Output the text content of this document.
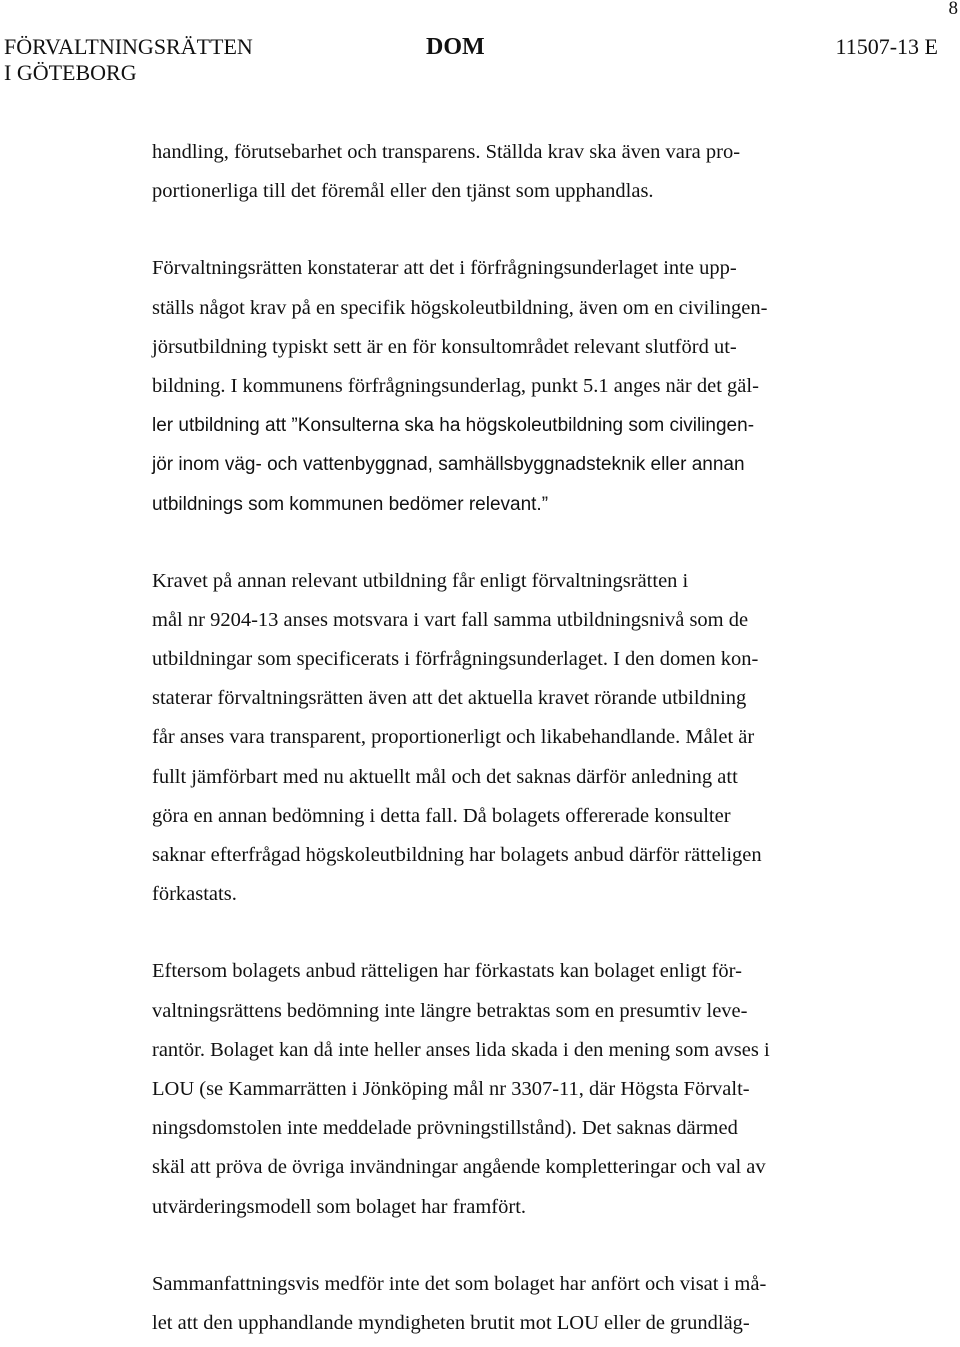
8
FÖRVALTNINGSRÄTTEN
I GÖTEBORG
DOM	11507-13 E

handling, förutsebarhet och transparens. Ställda krav ska även vara pro-
portionerliga till det föremål eller den tjänst som upphandlas.

Förvaltningsrätten konstaterar att det i förfrågningsunderlaget inte upp-
ställs något krav på en specifik högskoleutbildning, även om en civilingen-
jörsutbildning typiskt sett är en för konsultområdet relevant slutförd ut-
bildning. I kommunens förfrågningsunderlag, punkt 5.1 anges när det gäl-
ler utbildning att ”Konsulterna ska ha högskoleutbildning som civilingen-
jör inom väg- och vattenbyggnad, samhällsbyggnadsteknik eller annan
utbildnings som kommunen bedömer relevant.”

Kravet på annan relevant utbildning får enligt förvaltningsrätten i
mål nr 9204-13 anses motsvara i vart fall samma utbildningsnivå som de
utbildningar som specificerats i förfrågningsunderlaget. I den domen kon-
staterar förvaltningsrätten även att det aktuella kravet rörande utbildning
får anses vara transparent, proportionerligt och likabehandlande. Målet är
fullt jämförbart med nu aktuellt mål och det saknas därför anledning att
göra en annan bedömning i detta fall. Då bolagets offererade konsulter
saknar efterfrågad högskoleutbildning har bolagets anbud därför rätteligen
förkastats.

Eftersom bolagets anbud rätteligen har förkastats kan bolaget enligt för-
valtningsrättens bedömning inte längre betraktas som en presumtiv leve-
rantör. Bolaget kan då inte heller anses lida skada i den mening som avses i
LOU (se Kammarrätten i Jönköping mål nr 3307-11, där Högsta Förvalt-
ningsdomstolen inte meddelade prövningstillstånd). Det saknas därmed
skäl att pröva de övriga invändningar angående kompletteringar och val av
utvärderingsmodell som bolaget har framfört.

Sammanfattningsvis medför inte det som bolaget har anfört och visat i må-
let att den upphandlande myndigheten brutit mot LOU eller de grundläg-
